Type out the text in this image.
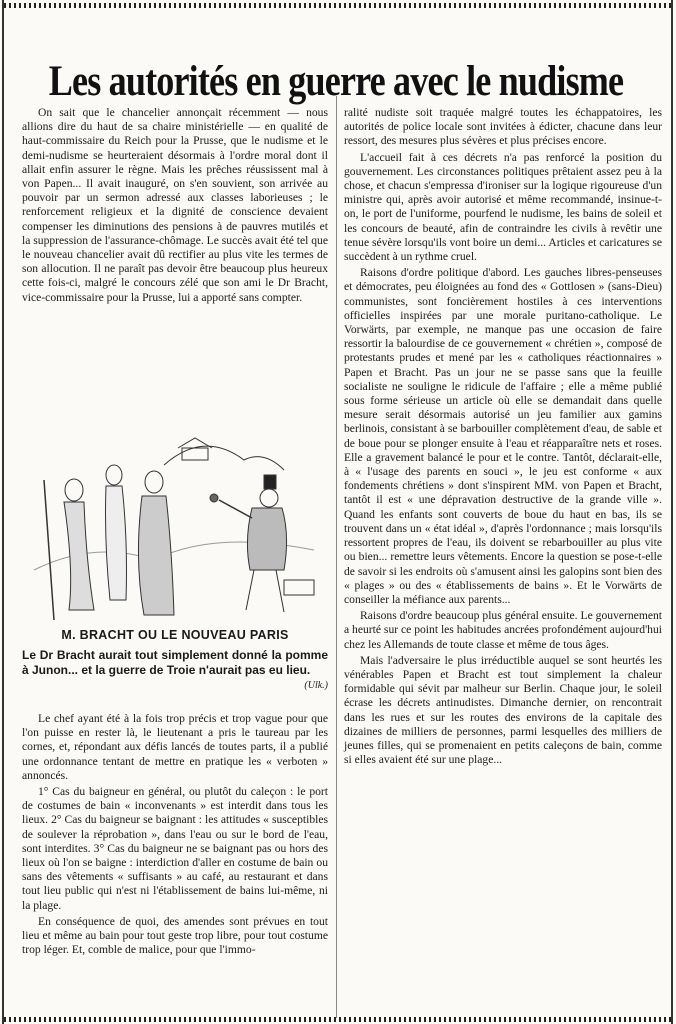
Les autorités en guerre avec le nudisme

On sait que le chancelier annonçait récemment — nous allions dire du haut de sa chaire ministérielle — en qualité de haut-commissaire du Reich pour la Prusse, que le nudisme et le demi-nudisme se heurteraient désormais à l'ordre moral dont il allait enfin assurer le règne. Mais les prêches réussissent mal à von Papen... Il avait inauguré, on s'en souvient, son arrivée au pouvoir par un sermon adressé aux classes laborieuses ; le renforcement religieux et la dignité de conscience devaient compenser les diminutions des pensions à de pauvres mutilés et la suppression de l'assurance-chômage. Le succès avait été tel que le nouveau chancelier avait dû rectifier au plus vite les termes de son allocution. Il ne paraît pas devoir être beaucoup plus heureux cette fois-ci, malgré le concours zélé que son ami le Dr Bracht, vice-commissaire pour la Prusse, lui a apporté sans compter.

M. BRACHT OU LE NOUVEAU PARIS
Le Dr Bracht aurait tout simplement donné la pomme à Junon... et la guerre de Troie n'aurait pas eu lieu.
(Ulk.)

Le chef ayant été à la fois trop précis et trop vague pour que l'on puisse en rester là, le lieutenant a pris le taureau par les cornes, et, répondant aux défis lancés de toutes parts, il a publié une ordonnance tentant de mettre en pratique les « verboten » annoncés.

1° Cas du baigneur en général, ou plutôt du caleçon : le port de costumes de bain « inconvenants » est interdit dans tous les lieux. 2° Cas du baigneur se baignant : les attitudes « susceptibles de soulever la réprobation », dans l'eau ou sur le bord de l'eau, sont interdites. 3° Cas du baigneur ne se baignant pas ou hors des lieux où l'on se baigne : interdiction d'aller en costume de bain ou sans des vêtements « suffisants » au café, au restaurant et dans tout lieu public qui n'est ni l'établissement de bains lui-même, ni la plage.

En conséquence de quoi, des amendes sont prévues en tout lieu et même au bain pour tout geste trop libre, pour tout costume trop léger. Et, comble de malice, pour que l'immo-

ralité nudiste soit traquée malgré toutes les échappatoires, les autorités de police locale sont invitées à édicter, chacune dans leur ressort, des mesures plus sévères et plus précises encore.

L'accueil fait à ces décrets n'a pas renforcé la position du gouvernement. Les circonstances politiques prêtaient assez peu à la chose, et chacun s'empressa d'ironiser sur la logique rigoureuse d'un ministre qui, après avoir autorisé et même recommandé, insinue-t-on, le port de l'uniforme, pourfend le nudisme, les bains de soleil et les concours de beauté, afin de contraindre les civils à revêtir une tenue sévère lorsqu'ils vont boire un demi... Articles et caricatures se succèdent à un rythme cruel.

Raisons d'ordre politique d'abord. Les gauches libres-penseuses et démocrates, peu éloignées au fond des « Gottlosen » (sans-Dieu) communistes, sont foncièrement hostiles à ces interventions officielles inspirées par une morale puritano-catholique. Le Vorwärts, par exemple, ne manque pas une occasion de faire ressortir la balourdise de ce gouvernement « chrétien », composé de protestants prudes et mené par les « catholiques réactionnaires » Papen et Bracht. Pas un jour ne se passe sans que la feuille socialiste ne souligne le ridicule de l'affaire ; elle a même publié sous forme sérieuse un article où elle se demandait dans quelle mesure serait désormais autorisé un jeu familier aux gamins berlinois, consistant à se barbouiller complètement d'eau, de sable et de boue pour se plonger ensuite à l'eau et réapparaître nets et roses. Elle a gravement balancé le pour et le contre. Tantôt, déclarait-elle, à « l'usage des parents en souci », le jeu est conforme « aux fondements chrétiens » dont s'inspirent MM. von Papen et Bracht, tantôt il est « une dépravation destructive de la grande ville ». Quand les enfants sont couverts de boue du haut en bas, ils se trouvent dans un « état idéal », d'après l'ordonnance ; mais lorsqu'ils ressortent propres de l'eau, ils doivent se rebarbouiller au plus vite ou bien... remettre leurs vêtements. Encore la question se pose-t-elle de savoir si les endroits où s'amusent ainsi les galopins sont bien des « plages » ou des « établissements de bains ». Et le Vorwärts de conseiller la méfiance aux parents...

Raisons d'ordre beaucoup plus général ensuite. Le gouvernement a heurté sur ce point les habitudes ancrées profondément aujourd'hui chez les Allemands de toute classe et même de tous âges.

Mais l'adversaire le plus irréductible auquel se sont heurtés les vénérables Papen et Bracht est tout simplement la chaleur formidable qui sévit par malheur sur Berlin. Chaque jour, le soleil écrase les décrets antinudistes. Dimanche dernier, on rencontrait dans les rues et sur les routes des environs de la capitale des dizaines de milliers de personnes, parmi lesquelles des milliers de jeunes filles, qui se promenaient en petits caleçons de bain, comme si elles avaient été sur une plage...
